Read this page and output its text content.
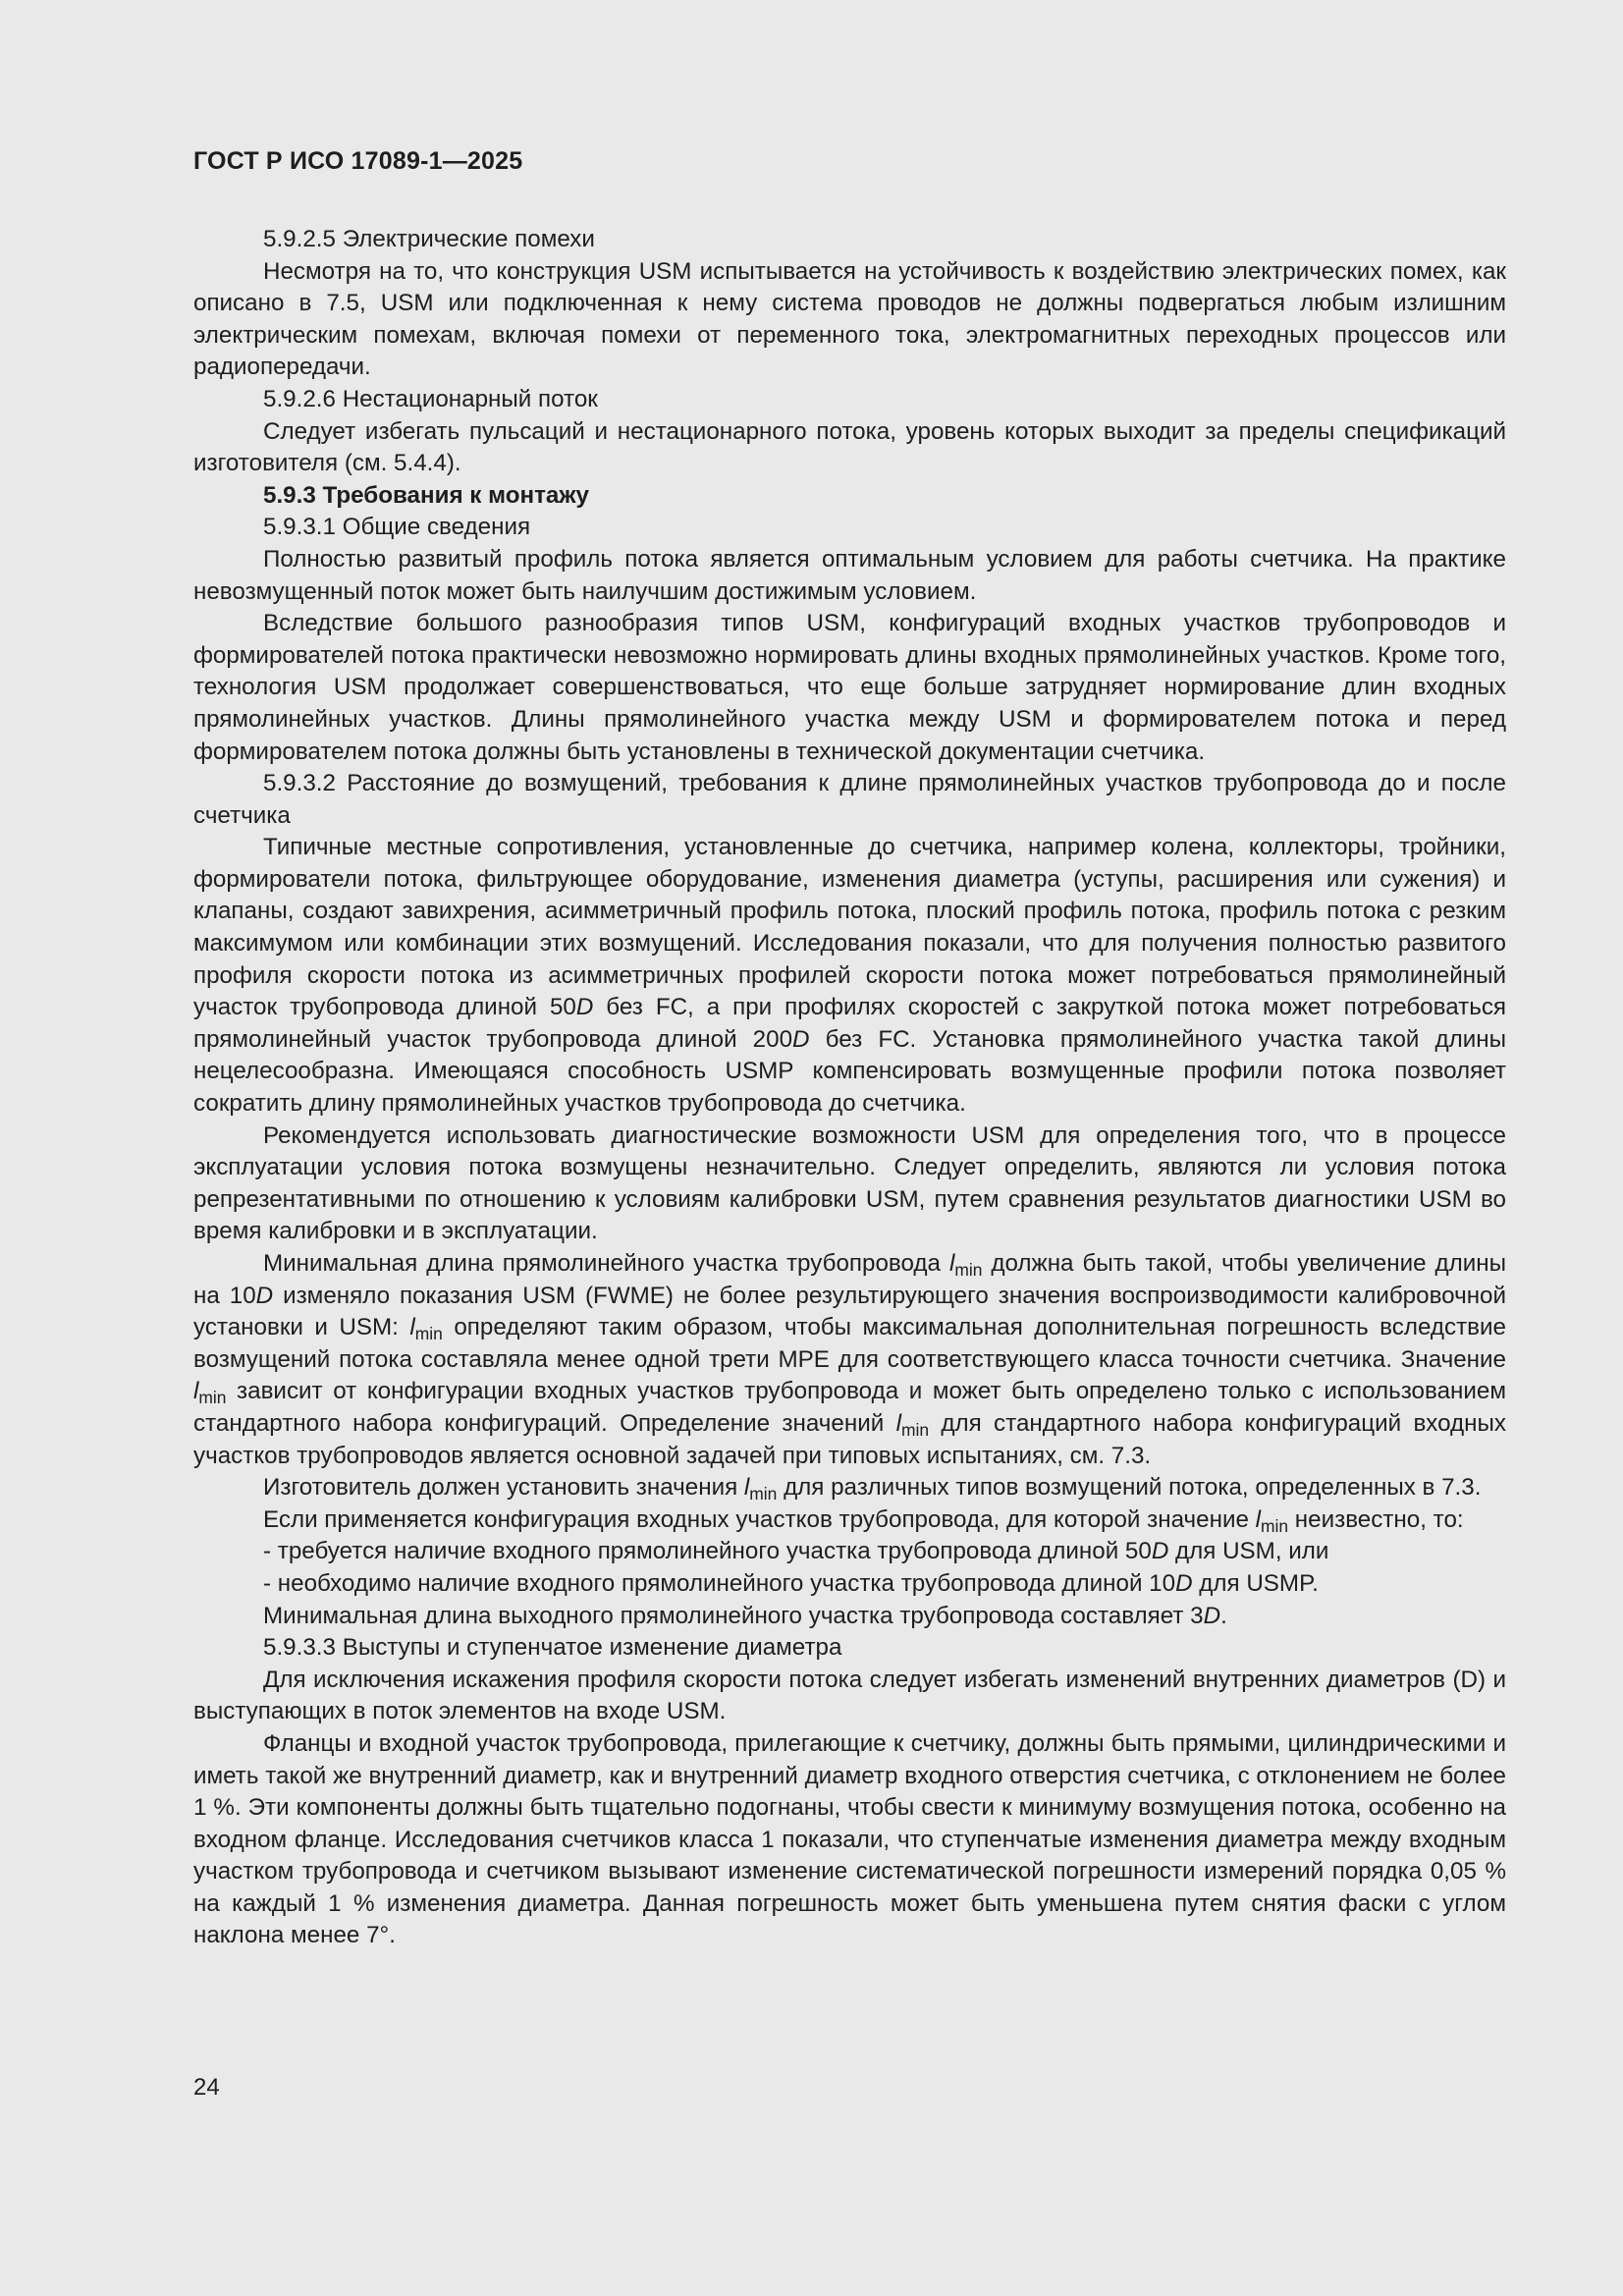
ГОСТ Р ИСО 17089-1—2025

5.9.2.5 Электрические помехи

Несмотря на то, что конструкция USM испытывается на устойчивость к воздействию электрических помех, как описано в 7.5, USM или подключенная к нему система проводов не должны подвергаться любым излишним электрическим помехам, включая помехи от переменного тока, электромагнитных переходных процессов или радиопередачи.

5.9.2.6 Нестационарный поток

Следует избегать пульсаций и нестационарного потока, уровень которых выходит за пределы спецификаций изготовителя (см. 5.4.4).

5.9.3 Требования к монтажу

5.9.3.1 Общие сведения

Полностью развитый профиль потока является оптимальным условием для работы счетчика. На практике невозмущенный поток может быть наилучшим достижимым условием.

Вследствие большого разнообразия типов USM, конфигураций входных участков трубопроводов и формирователей потока практически невозможно нормировать длины входных прямолинейных участков. Кроме того, технология USM продолжает совершенствоваться, что еще больше затрудняет нормирование длин входных прямолинейных участков. Длины прямолинейного участка между USM и формирователем потока и перед формирователем потока должны быть установлены в технической документации счетчика.

5.9.3.2 Расстояние до возмущений, требования к длине прямолинейных участков трубопровода до и после счетчика

Типичные местные сопротивления, установленные до счетчика, например колена, коллекторы, тройники, формирователи потока, фильтрующее оборудование, изменения диаметра (уступы, расширения или сужения) и клапаны, создают завихрения, асимметричный профиль потока, плоский профиль потока, профиль потока с резким максимумом или комбинации этих возмущений. Исследования показали, что для получения полностью развитого профиля скорости потока из асимметричных профилей скорости потока может потребоваться прямолинейный участок трубопровода длиной 50D без FC, а при профилях скоростей с закруткой потока может потребоваться прямолинейный участок трубопровода длиной 200D без FC. Установка прямолинейного участка такой длины нецелесообразна. Имеющаяся способность USMP компенсировать возмущенные профили потока позволяет сократить длину прямолинейных участков трубопровода до счетчика.

Рекомендуется использовать диагностические возможности USM для определения того, что в процессе эксплуатации условия потока возмущены незначительно. Следует определить, являются ли условия потока репрезентативными по отношению к условиям калибровки USM, путем сравнения результатов диагностики USM во время калибровки и в эксплуатации.

Минимальная длина прямолинейного участка трубопровода $l_{min}$ должна быть такой, чтобы увеличение длины на 10D изменяло показания USM (FWME) не более результирующего значения воспроизводимости калибровочной установки и USM: $l_{min}$ определяют таким образом, чтобы максимальная дополнительная погрешность вследствие возмущений потока составляла менее одной трети MPE для соответствующего класса точности счетчика. Значение $l_{min}$ зависит от конфигурации входных участков трубопровода и может быть определено только с использованием стандартного набора конфигураций. Определение значений $l_{min}$ для стандартного набора конфигураций входных участков трубопроводов является основной задачей при типовых испытаниях, см. 7.3.

Изготовитель должен установить значения $l_{min}$ для различных типов возмущений потока, определенных в 7.3.

Если применяется конфигурация входных участков трубопровода, для которой значение $l_{min}$ неизвестно, то:

- требуется наличие входного прямолинейного участка трубопровода длиной 50D для USM, или

- необходимо наличие входного прямолинейного участка трубопровода длиной 10D для USMP.

Минимальная длина выходного прямолинейного участка трубопровода составляет 3D.

5.9.3.3 Выступы и ступенчатое изменение диаметра

Для исключения искажения профиля скорости потока следует избегать изменений внутренних диаметров (D) и выступающих в поток элементов на входе USM.

Фланцы и входной участок трубопровода, прилегающие к счетчику, должны быть прямыми, цилиндрическими и иметь такой же внутренний диаметр, как и внутренний диаметр входного отверстия счетчика, с отклонением не более 1 %. Эти компоненты должны быть тщательно подогнаны, чтобы свести к минимуму возмущения потока, особенно на входном фланце. Исследования счетчиков класса 1 показали, что ступенчатые изменения диаметра между входным участком трубопровода и счетчиком вызывают изменение систематической погрешности измерений порядка 0,05 % на каждый 1 % изменения диаметра. Данная погрешность может быть уменьшена путем снятия фаски с углом наклона менее 7°.

24
